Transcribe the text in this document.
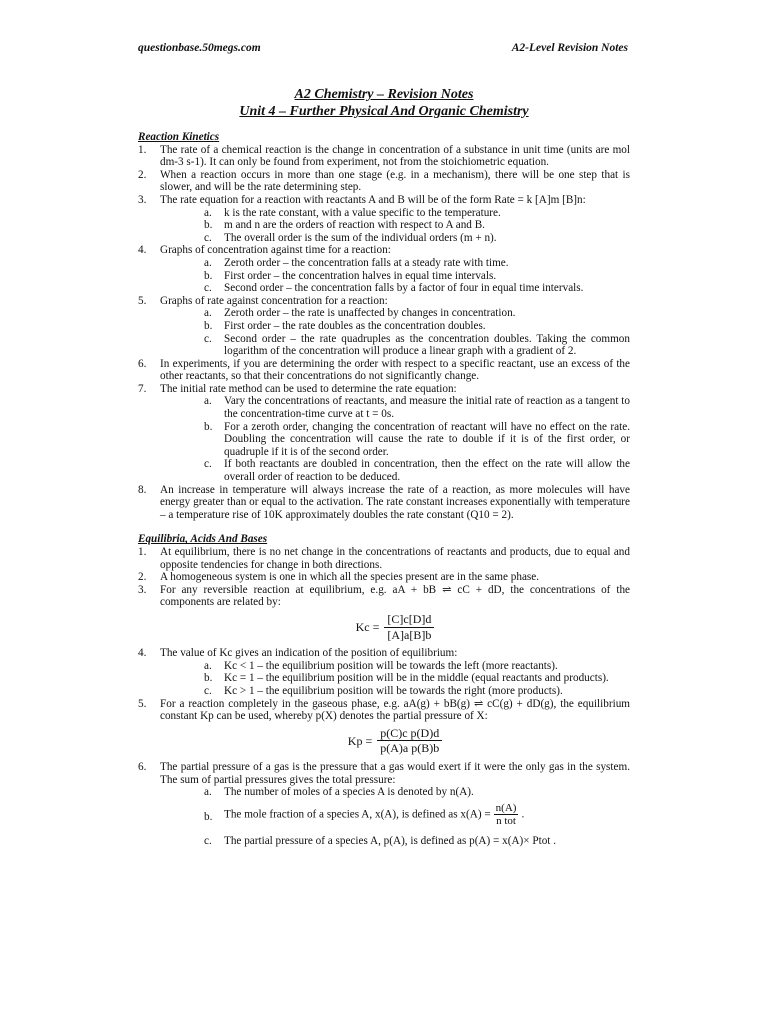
questionbase.50megs.com	A2-Level Revision Notes
A2 Chemistry – Revision Notes
Unit 4 – Further Physical And Organic Chemistry

Reaction Kinetics

1. The rate of a chemical reaction is the change in concentration of a substance in unit time (units are mol dm-3 s-1). It can only be found from experiment, not from the stoichiometric equation.
2. When a reaction occurs in more than one stage (e.g. in a mechanism), there will be one step that is slower, and will be the rate determining step.
3. The rate equation for a reaction with reactants A and B will be of the form Rate = k [A]m [B]n:
a. k is the rate constant, with a value specific to the temperature.
b. m and n are the orders of reaction with respect to A and B.
c. The overall order is the sum of the individual orders (m + n).
4. Graphs of concentration against time for a reaction:
a. Zeroth order – the concentration falls at a steady rate with time.
b. First order – the concentration halves in equal time intervals.
c. Second order – the concentration falls by a factor of four in equal time intervals.
5. Graphs of rate against concentration for a reaction:
a. Zeroth order – the rate is unaffected by changes in concentration.
b. First order – the rate doubles as the concentration doubles.
c. Second order – the rate quadruples as the concentration doubles. Taking the common logarithm of the concentration will produce a linear graph with a gradient of 2.
6. In experiments, if you are determining the order with respect to a specific reactant, use an excess of the other reactants, so that their concentrations do not significantly change.
7. The initial rate method can be used to determine the rate equation:
a. Vary the concentrations of reactants, and measure the initial rate of reaction as a tangent to the concentration-time curve at t = 0s.
b. For a zeroth order, changing the concentration of reactant will have no effect on the rate. Doubling the concentration will cause the rate to double if it is of the first order, or quadruple if it is of the second order.
c. If both reactants are doubled in concentration, then the effect on the rate will allow the overall order of reaction to be deduced.
8. An increase in temperature will always increase the rate of a reaction, as more molecules will have energy greater than or equal to the activation. The rate constant increases exponentially with temperature – a temperature rise of 10K approximately doubles the rate constant (Q10 = 2).

Equilibria, Acids And Bases

1. At equilibrium, there is no net change in the concentrations of reactants and products, due to equal and opposite tendencies for change in both directions.
2. A homogeneous system is one in which all the species present are in the same phase.
3. For any reversible reaction at equilibrium, e.g. aA + bB ⇌ cC + dD, the concentrations of the components are related by:
$Kc = \frac{[C]c[D]d}{[A]a[B]b}$
4. The value of Kc gives an indication of the position of equilibrium:
a. Kc < 1 – the equilibrium position will be towards the left (more reactants).
b. Kc = 1 – the equilibrium position will be in the middle (equal reactants and products).
c. Kc > 1 – the equilibrium position will be towards the right (more products).
5. For a reaction completely in the gaseous phase, e.g. aA(g) + bB(g) ⇌ cC(g) + dD(g), the equilibrium constant Kp can be used, whereby p(X) denotes the partial pressure of X:
$Kp = \frac{\text{p(C)c p(D)d}}{\text{p(A)a p(B)b}}$
6. The partial pressure of a gas is the pressure that a gas would exert if it were the only gas in the system. The sum of partial pressures gives the total pressure:
a. The number of moles of a species A is denoted by n(A).
b. The mole fraction of a species A, x(A), is defined as x(A) =
n(A)
n tot
.
c. The partial pressure of a species A, p(A), is defined as p(A) = x(A)× Ptot .
